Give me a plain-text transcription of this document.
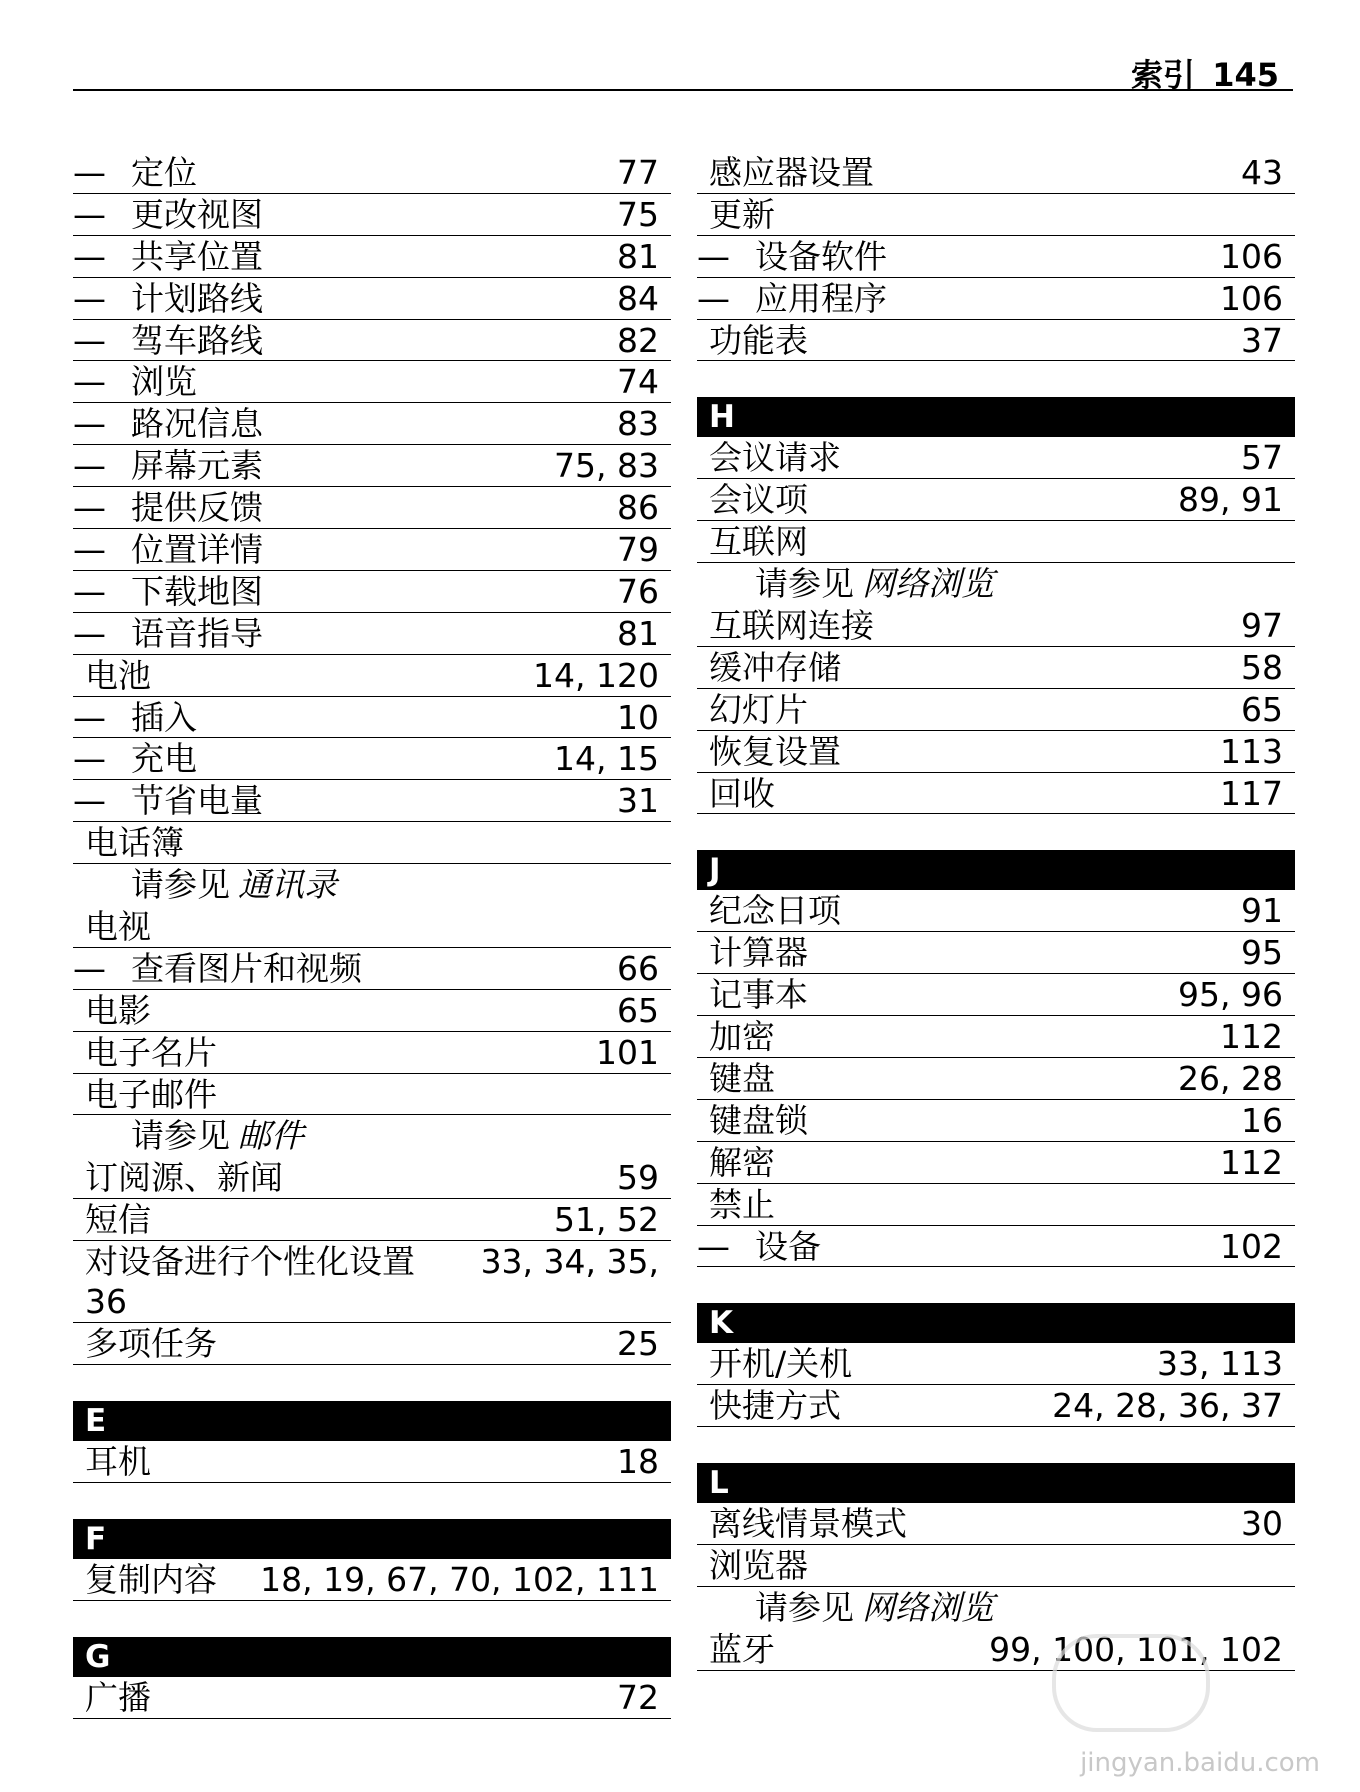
索引 145
— 定位	77
— 更改视图	75
— 共享位置	81
— 计划路线	84
— 驾车路线	82
— 浏览	74
— 路况信息	83
— 屏幕元素	75, 83
— 提供反馈	86
— 位置详情	79
— 下载地图	76
— 语音指导	81
电池	14, 120
— 插入	10
— 充电	14, 15
— 节省电量	31
电话簿
请参见 通讯录
电视
— 查看图片和视频	66
电影	65
电子名片	101
电子邮件
请参见 邮件
订阅源、新闻	59
短信	51, 52
对设备进行个性化设置	33, 34, 35,
36
多项任务	25
E
耳机	18
F
复制内容 18, 19, 67, 70, 102, 111
G
广播	72
感应器设置	43
更新
— 设备软件	106
— 应用程序	106
功能表	37
H
会议请求	57
会议项	89, 91
互联网
请参见 网络浏览
互联网连接	97
缓冲存储	58
幻灯片	65
恢复设置	113
回收	117
J
纪念日项	91
计算器	95
记事本	95, 96
加密	112
键盘	26, 28
键盘锁	16
解密	112
禁止
— 设备	102
K
开机/关机	33, 113
快捷方式	24, 28, 36, 37
L
离线情景模式	30
浏览器
请参见 网络浏览
蓝牙	99, 100, 101, 102
jingyan.baidu.com
